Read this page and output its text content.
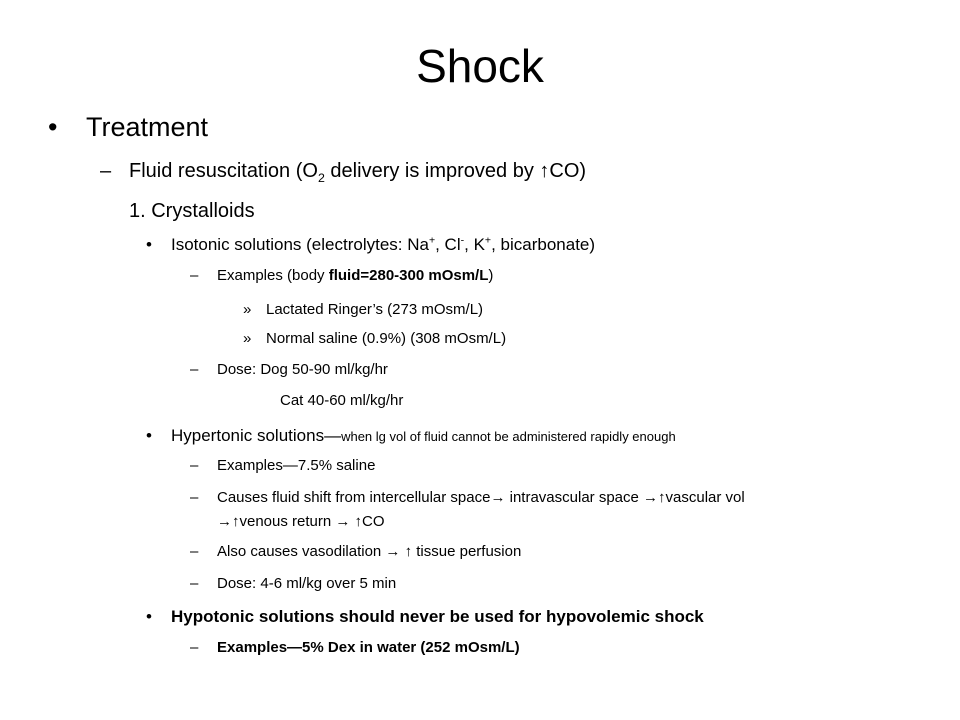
Shock
• Treatment
– Fluid resuscitation ($O_2$ delivery is improved by ↑CO)
1. Crystalloids
• Isotonic solutions (electrolytes: Na+, Cl-, K+, bicarbonate)
– Examples (body fluid=280-300 mOsm/L)
» Lactated Ringer’s (273 mOsm/L)
» Normal saline (0.9%) (308 mOsm/L)
– Dose: Dog 50-90 ml/kg/hr
Cat 40-60 ml/kg/hr
• Hypertonic solutions—when lg vol of fluid cannot be administered rapidly enough
– Examples—7.5% saline
– Causes fluid shift from intercellular space→ intravascular space →↑vascular vol
→↑venous return → ↑CO
– Also causes vasodilation → ↑ tissue perfusion
– Dose: 4-6 ml/kg over 5 min
• Hypotonic solutions should never be used for hypovolemic shock
– Examples—5% Dex in water (252 mOsm/L)
